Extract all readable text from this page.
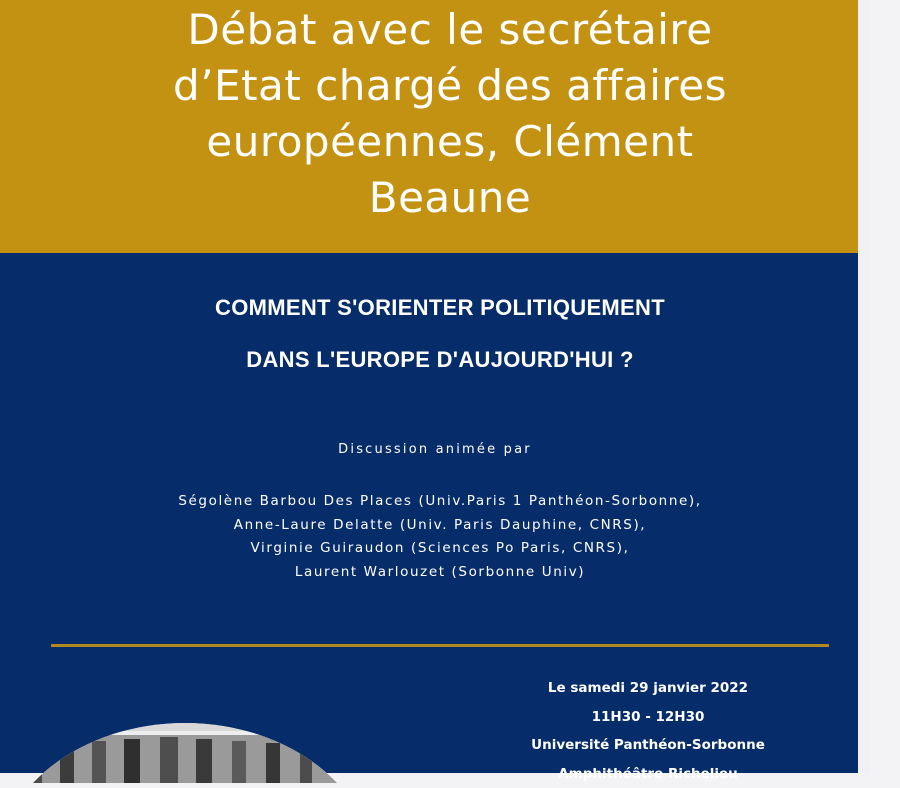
Débat avec le secrétaire
d’Etat chargé des affaires
européennes, Clément
Beaune
COMMENT S'ORIENTER POLITIQUEMENT
DANS L'EUROPE D'AUJOURD'HUI ?
Discussion animée par
Ségolène Barbou Des Places (Univ.Paris 1 Panthéon-Sorbonne),
Anne-Laure Delatte (Univ. Paris Dauphine, CNRS),
Virginie Guiraudon (Sciences Po Paris, CNRS),
Laurent Warlouzet (Sorbonne Univ)
Le samedi 29 janvier 2022
11H30 - 12H30
Université Panthéon-Sorbonne
Amphithéâtre Richelieu
